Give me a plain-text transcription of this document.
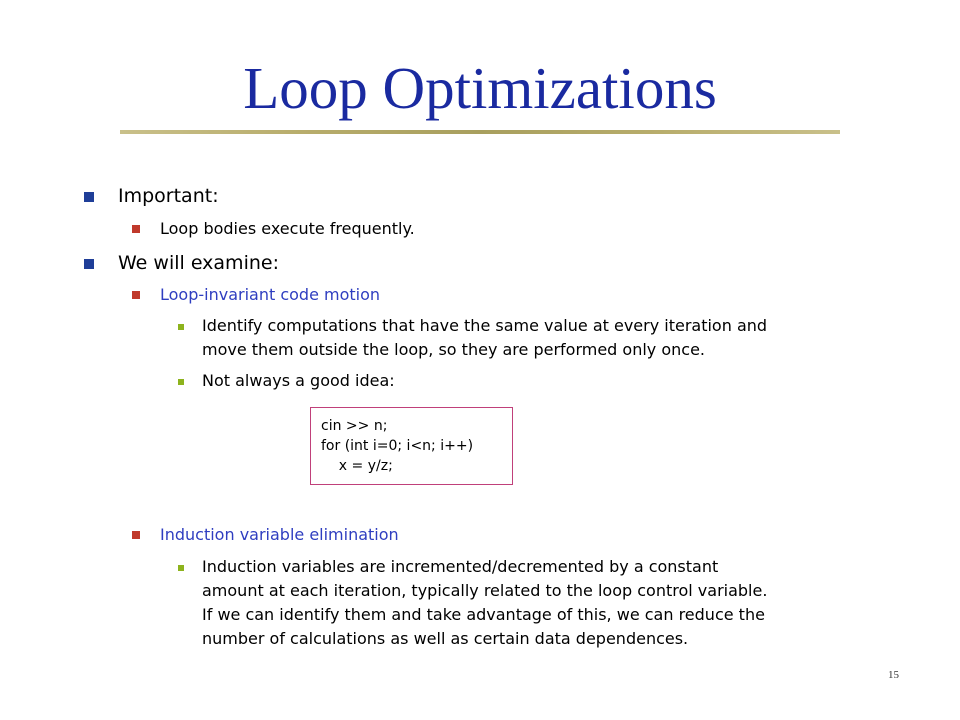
Loop Optimizations
Important:
Loop bodies execute frequently.
We will examine:
Loop-invariant code motion
Identify computations that have the same value at every iteration and
move them outside the loop, so they are performed only once.
Not always a good idea:
cin >> n;
for (int i=0; i<n; i++)
x = y/z;
Induction variable elimination
Induction variables are incremented/decremented by a constant
amount at each iteration, typically related to the loop control variable.
If we can identify them and take advantage of this, we can reduce the
number of calculations as well as certain data dependences.
15
